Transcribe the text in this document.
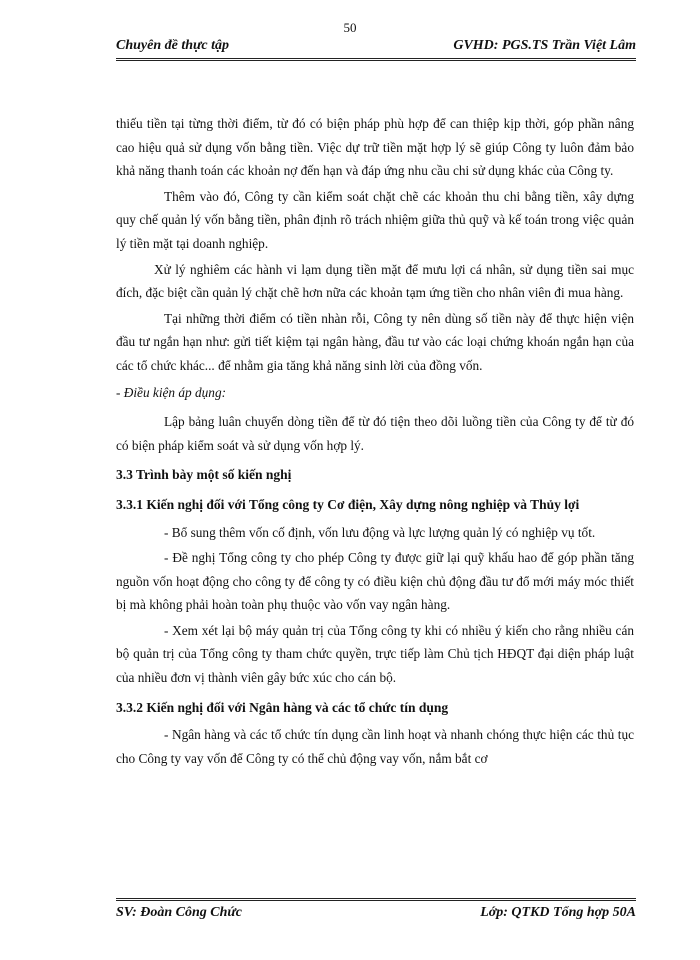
50
Chuyên đề thực tập	GVHD: PGS.TS Trần Việt Lâm

thiếu tiền tại từng thời điểm, từ đó có biện pháp phù hợp để can thiệp kịp thời, góp phần nâng cao hiệu quả sử dụng vốn bằng tiền. Việc dự trữ tiền mặt hợp lý sẽ giúp Công ty luôn đảm bảo khả năng thanh toán các khoản nợ đến hạn và đáp ứng nhu cầu chi sử dụng khác của Công ty.

Thêm vào đó, Công ty cần kiểm soát chặt chẽ các khoản thu chi bằng tiền, xây dựng quy chế quản lý vốn bằng tiền, phân định rõ trách nhiệm giữa thủ quỹ và kế toán trong việc quản lý tiền mặt tại doanh nghiệp.

Xử lý nghiêm các hành vi lạm dụng tiền mặt để mưu lợi cá nhân, sử dụng tiền sai mục đích, đặc biệt cần quản lý chặt chẽ hơn nữa các khoản tạm ứng tiền cho nhân viên đi mua hàng.

Tại những thời điểm có tiền nhàn rỗi, Công ty nên dùng số tiền này để thực hiện viện đầu tư ngắn hạn như: gửi tiết kiệm tại ngân hàng, đầu tư vào các loại chứng khoán ngắn hạn của các tổ chức khác... để nhằm gia tăng khả năng sinh lời của đồng vốn.

- Điều kiện áp dụng:

Lập bảng luân chuyển dòng tiền để từ đó tiện theo dõi luồng tiền của Công ty để từ đó có biện pháp kiểm soát và sử dụng vốn hợp lý.

3.3 Trình bày một số kiến nghị

3.3.1 Kiến nghị đối với Tổng công ty Cơ điện, Xây dựng nông nghiệp và Thủy lợi

- Bổ sung thêm vốn cố định, vốn lưu động và lực lượng quản lý có nghiệp vụ tốt.

- Đề nghị Tổng công ty cho phép Công ty được giữ lại quỹ khấu hao để góp phần tăng nguồn vốn hoạt động cho công ty để công ty có điều kiện chủ động đầu tư đổ mới máy móc thiết bị mà không phải hoàn toàn phụ thuộc vào vốn vay ngân hàng.

- Xem xét lại bộ máy quản trị của Tổng công ty khi có nhiều ý kiến cho rằng nhiều cán bộ quản trị của Tổng công ty tham chức quyền, trực tiếp làm Chủ tịch HĐQT đại diện pháp luật của nhiều đơn vị thành viên gây bức xúc cho cán bộ.

3.3.2 Kiến nghị đối với Ngân hàng và các tổ chức tín dụng

- Ngân hàng và các tổ chức tín dụng cần linh hoạt và nhanh chóng thực hiện các thủ tục cho Công ty vay vốn để Công ty có thể chủ động vay vốn, nắm bắt cơ

SV: Đoàn Công Chức	Lớp: QTKD Tổng hợp 50A
